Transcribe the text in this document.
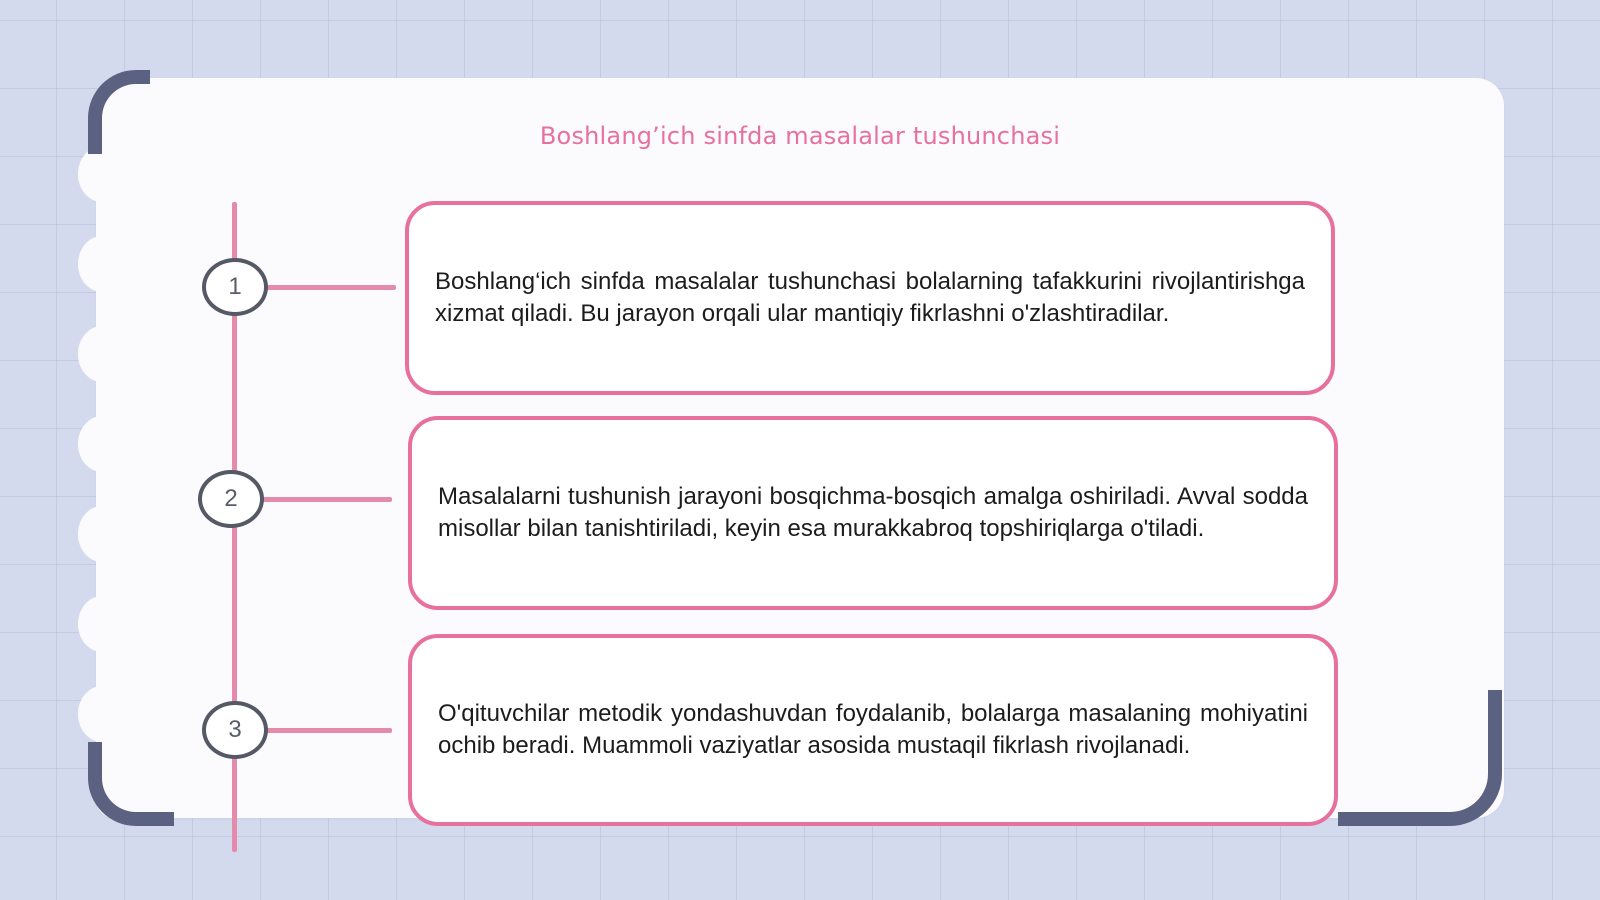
Boshlang’ich sinfda masalalar tushunchasi
1	Boshlang‘ich sinfda masalalar tushunchasi bolalarning tafakkurini rivojlantirishga xizmat qiladi. Bu jarayon orqali ular mantiqiy fikrlashni o'zlashtiradilar.

2	Masalalarni tushunish jarayoni bosqichma-bosqich amalga oshiriladi. Avval sodda misollar bilan tanishtiriladi, keyin esa murakkabroq topshiriqlarga o'tiladi.

3

O'qituvchilar metodik yondashuvdan foydalanib, bolalarga masalaning mohiyatini ochib beradi. Muammoli vaziyatlar asosida mustaqil fikrlash rivojlanadi.
